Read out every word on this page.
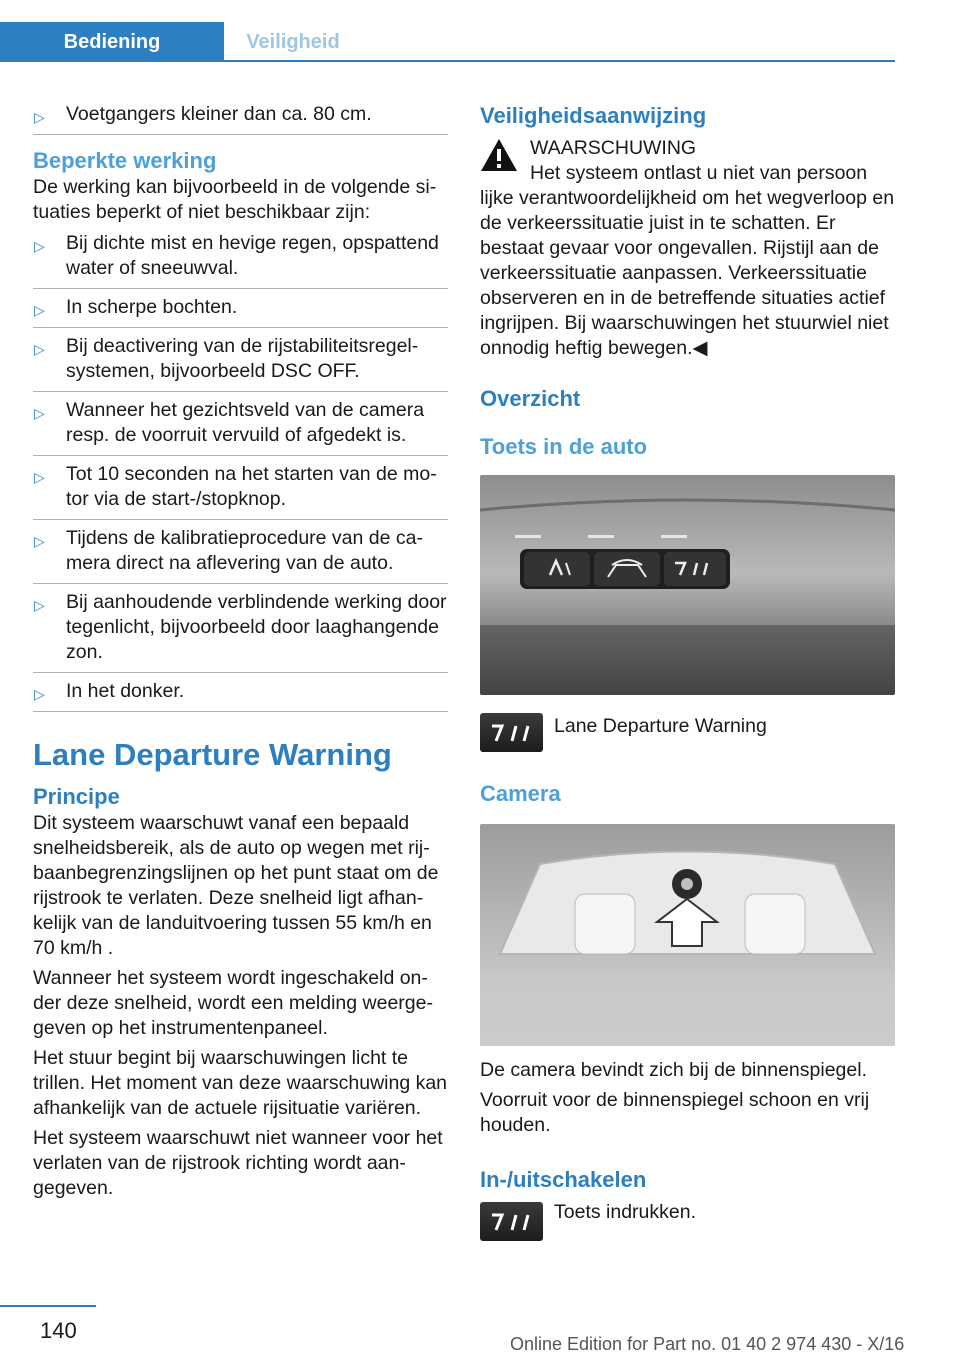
Bediening	Veiligheid
▷ Voetgangers kleiner dan ca. 80 cm.
Beperkte werking
De werking kan bijvoorbeeld in de volgende situaties beperkt of niet beschikbaar zijn:
▷ Bij dichte mist en hevige regen, opspattend water of sneeuwval.
▷ In scherpe bochten.
▷ Bij deactivering van de rijstabiliteitsregelsystemen, bijvoorbeeld DSC OFF.
▷ Wanneer het gezichtsveld van de camera resp. de voorruit vervuild of afgedekt is.
▷ Tot 10 seconden na het starten van de motor via de start-/stopknop.
▷ Tijdens de kalibratieprocedure van de camera direct na aflevering van de auto.
▷ Bij aanhoudende verblindende werking door tegenlicht, bijvoorbeeld door laaghangende zon.
▷ In het donker.
Lane Departure Warning
Principe
Dit systeem waarschuwt vanaf een bepaald snelheidsbereik, als de auto op wegen met rijbaanbegrenzingslijnen op het punt staat om de rijstrook te verlaten. Deze snelheid ligt afhankelijk van de landuitvoering tussen 55 km/h en 70 km/h .
Wanneer het systeem wordt ingeschakeld onder deze snelheid, wordt een melding weergegeven op het instrumentenpaneel.
Het stuur begint bij waarschuwingen licht te trillen. Het moment van deze waarschuwing kan afhankelijk van de actuele rijsituatie variëren.
Het systeem waarschuwt niet wanneer voor het verlaten van de rijstrook richting wordt aangegeven.
Veiligheidsaanwijzing
WAARSCHUWING
Het systeem ontlast u niet van persoon
lijke verantwoordelijkheid om het wegverloop en de verkeerssituatie juist in te schatten. Er bestaat gevaar voor ongevallen. Rijstijl aan de verkeerssituatie aanpassen. Verkeerssituatie observeren en in de betreffende situaties actief ingrijpen. Bij waarschuwingen het stuurwiel niet onnodig heftig bewegen.◀
Overzicht
Toets in de auto
Lane Departure Warning
Camera
De camera bevindt zich bij de binnenspiegel.
Voorruit voor de binnenspiegel schoon en vrij houden.
In-/uitschakelen
Toets indrukken.
140
Online Edition for Part no. 01 40 2 974 430 - X/16
